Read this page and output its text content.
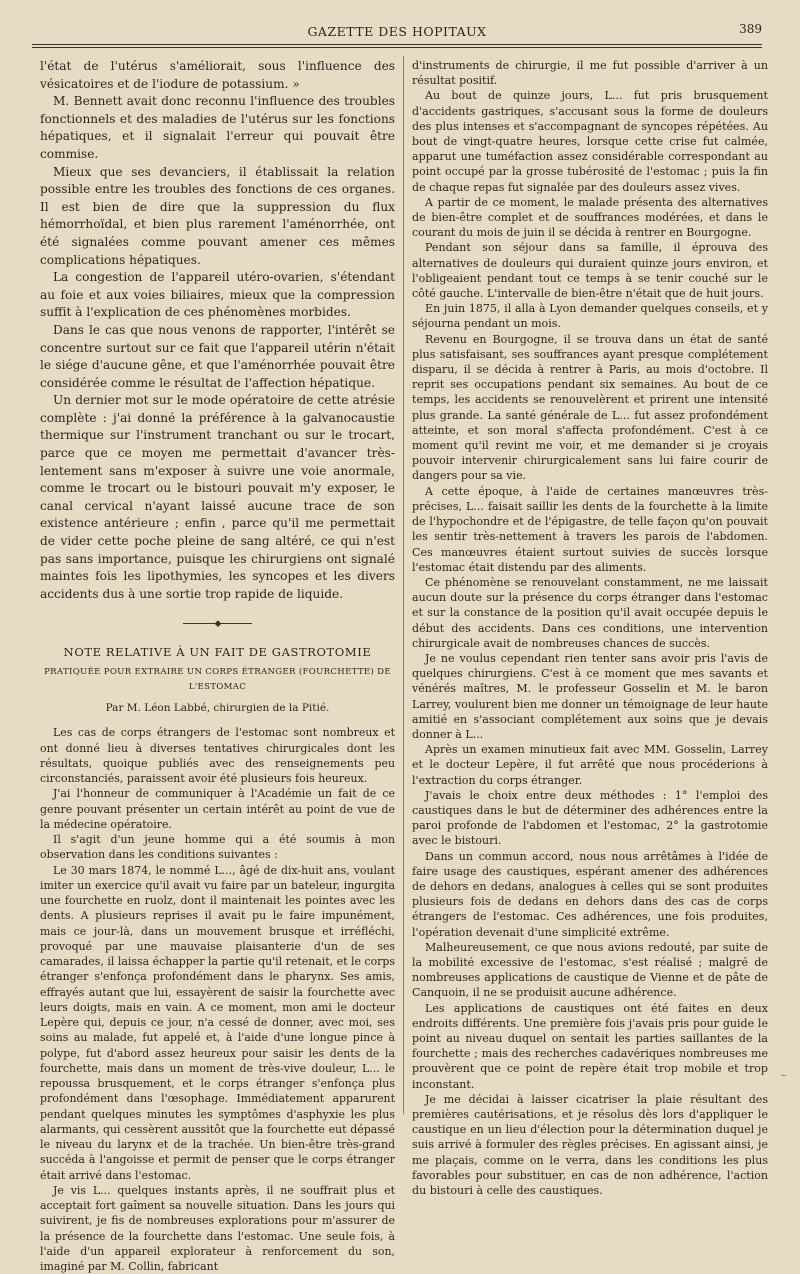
GAZETTE DES HOPITAUX	389

l'état de l'utérus s'améliorait, sous l'influence des vésicatoires et de l'iodure de potassium. »

M. Bennett avait donc reconnu l'influence des troubles fonctionnels et des maladies de l'utérus sur les fonctions hépatiques, et il signalait l'erreur qui pouvait être commise.

Mieux que ses devanciers, il établissait la relation possible entre les troubles des fonctions de ces organes. Il est bien de dire que la suppression du flux hémorrhoïdal, et bien plus rarement l'aménorrhée, ont été signalées comme pouvant amener ces mêmes complications hépatiques.

La congestion de l'appareil utéro-ovarien, s'étendant au foie et aux voies biliaires, mieux que la compression suffit à l'explication de ces phénomènes morbides.

Dans le cas que nous venons de rapporter, l'intérêt se concentre surtout sur ce fait que l'appareil utérin n'était le siége d'aucune gêne, et que l'aménorrhée pouvait être considérée comme le résultat de l'affection hépatique.

Un dernier mot sur le mode opératoire de cette atrésie complète : j'ai donné la préférence à la galvanocaustie thermique sur l'instrument tranchant ou sur le trocart, parce que ce moyen me permettait d'avancer très-lentement sans m'exposer à suivre une voie anormale, comme le trocart ou le bistouri pouvait m'y exposer, le canal cervical n'ayant laissé aucune trace de son existence antérieure ; enfin , parce qu'il me permettait de vider cette poche pleine de sang altéré, ce qui n'est pas sans importance, puisque les chirurgiens ont signalé maintes fois les lipothymies, les syncopes et les divers accidents dus à une sortie trop rapide de liquide.

◆
NOTE RELATIVE À UN FAIT DE GASTROTOMIE
PRATIQUÉE POUR EXTRAIRE UN CORPS ÉTRANGER (FOURCHETTE) DE L'ESTOMAC
Par M. Léon Labbé, chirurgien de la Pitié.

Les cas de corps étrangers de l'estomac sont nombreux et ont donné lieu à diverses tentatives chirurgicales dont les résultats, quoique publiés avec des renseignements peu circonstanciés, paraissent avoir été plusieurs fois heureux.

J'ai l'honneur de communiquer à l'Académie un fait de ce genre pouvant présenter un certain intérêt au point de vue de la médecine opératoire.

Il s'agit d'un jeune homme qui a été soumis à mon observation dans les conditions suivantes :

Le 30 mars 1874, le nommé L..., âgé de dix-huit ans, voulant imiter un exercice qu'il avait vu faire par un bateleur, ingurgita une fourchette en ruolz, dont il maintenait les pointes avec les dents. A plusieurs reprises il avait pu le faire impunément, mais ce jour-là, dans un mouvement brusque et irréfléchi, provoqué par une mauvaise plaisanterie d'un de ses camarades, il laissa échapper la partie qu'il retenait, et le corps étranger s'enfonça profondément dans le pharynx. Ses amis, effrayés autant que lui, essayèrent de saisir la fourchette avec leurs doigts, mais en vain. A ce moment, mon ami le docteur Lepère qui, depuis ce jour, n'a cessé de donner, avec moi, ses soins au malade, fut appelé et, à l'aide d'une longue pince à polype, fut d'abord assez heureux pour saisir les dents de la fourchette, mais dans un moment de très-vive douleur, L... le repoussa brusquement, et le corps étranger s'enfonça plus profondément dans l'œsophage. Immédiatement apparurent pendant quelques minutes les symptômes d'asphyxie les plus alarmants, qui cessèrent aussitôt que la fourchette eut dépassé le niveau du larynx et de la trachée. Un bien-être très-grand succéda à l'angoisse et permit de penser que le corps étranger était arrivé dans l'estomac.

Je vis L... quelques instants après, il ne souffrait plus et acceptait fort gaîment sa nouvelle situation. Dans les jours qui suivirent, je fis de nombreuses explorations pour m'assurer de la présence de la fourchette dans l'estomac. Une seule fois, à l'aide d'un appareil explorateur à renforcement du son, imaginé par M. Collin, fabricant

d'instruments de chirurgie, il me fut possible d'arriver à un résultat positif.

Au bout de quinze jours, L... fut pris brusquement d'accidents gastriques, s'accusant sous la forme de douleurs des plus intenses et s'accompagnant de syncopes répétées. Au bout de vingt-quatre heures, lorsque cette crise fut calmée, apparut une tuméfaction assez considérable correspondant au point occupé par la grosse tubérosité de l'estomac ; puis la fin de chaque repas fut signalée par des douleurs assez vives.

A partir de ce moment, le malade présenta des alternatives de bien-être complet et de souffrances modérées, et dans le courant du mois de juin il se décida à rentrer en Bourgogne.

Pendant son séjour dans sa famille, il éprouva des alternatives de douleurs qui duraient quinze jours environ, et l'obligeaient pendant tout ce temps à se tenir couché sur le côté gauche. L'intervalle de bien-être n'était que de huit jours.

En juin 1875, il alla à Lyon demander quelques conseils, et y séjourna pendant un mois.

Revenu en Bourgogne, il se trouva dans un état de santé plus satisfaisant, ses souffrances ayant presque complétement disparu, il se décida à rentrer à Paris, au mois d'octobre. Il reprit ses occupations pendant six semaines. Au bout de ce temps, les accidents se renouvelèrent et prirent une intensité plus grande. La santé générale de L... fut assez profondément atteinte, et son moral s'affecta profondément. C'est à ce moment qu'il revint me voir, et me demander si je croyais pouvoir intervenir chirurgicalement sans lui faire courir de dangers pour sa vie.

A cette époque, à l'aide de certaines manœuvres très-précises, L... faisait saillir les dents de la fourchette à la limite de l'hypochondre et de l'épigastre, de telle façon qu'on pouvait les sentir très-nettement à travers les parois de l'abdomen. Ces manœuvres étaient surtout suivies de succès lorsque l'estomac était distendu par des aliments.

Ce phénomène se renouvelant constamment, ne me laissait aucun doute sur la présence du corps étranger dans l'estomac et sur la constance de la position qu'il avait occupée depuis le début des accidents. Dans ces conditions, une intervention chirurgicale avait de nombreuses chances de succès.

Je ne voulus cependant rien tenter sans avoir pris l'avis de quelques chirurgiens. C'est à ce moment que mes savants et vénérés maîtres, M. le professeur Gosselin et M. le baron Larrey, voulurent bien me donner un témoignage de leur haute amitié en s'associant complétement aux soins que je devais donner à L...

Après un examen minutieux fait avec MM. Gosselin, Larrey et le docteur Lepère, il fut arrêté que nous procéderions à l'extraction du corps étranger.

J'avais le choix entre deux méthodes : 1° l'emploi des caustiques dans le but de déterminer des adhérences entre la paroi profonde de l'abdomen et l'estomac, 2° la gastrotomie avec le bistouri.

Dans un commun accord, nous nous arrêtâmes à l'idée de faire usage des caustiques, espérant amener des adhérences de dehors en dedans, analogues à celles qui se sont produites plusieurs fois de dedans en dehors dans des cas de corps étrangers de l'estomac. Ces adhérences, une fois produites, l'opération devenait d'une simplicité extrême.

Malheureusement, ce que nous avions redouté, par suite de la mobilité excessive de l'estomac, s'est réalisé ; malgré de nombreuses applications de caustique de Vienne et de pâte de Canquoin, il ne se produisit aucune adhérence.

Les applications de caustiques ont été faites en deux endroits différents. Une première fois j'avais pris pour guide le point au niveau duquel on sentait les parties saillantes de la fourchette ; mais des recherches cadavériques nombreuses me prouvèrent que ce point de repère était trop mobile et trop inconstant.

Je me décidai à laisser cicatriser la plaie résultant des premières cautérisations, et je résolus dès lors d'appliquer le caustique en un lieu d'élection pour la détermination duquel je suis arrivé à formuler des règles précises. En agissant ainsi, je me plaçais, comme on le verra, dans les conditions les plus favorables pour substituer, en cas de non adhérence, l'action du bistouri à celle des caustiques.

–
